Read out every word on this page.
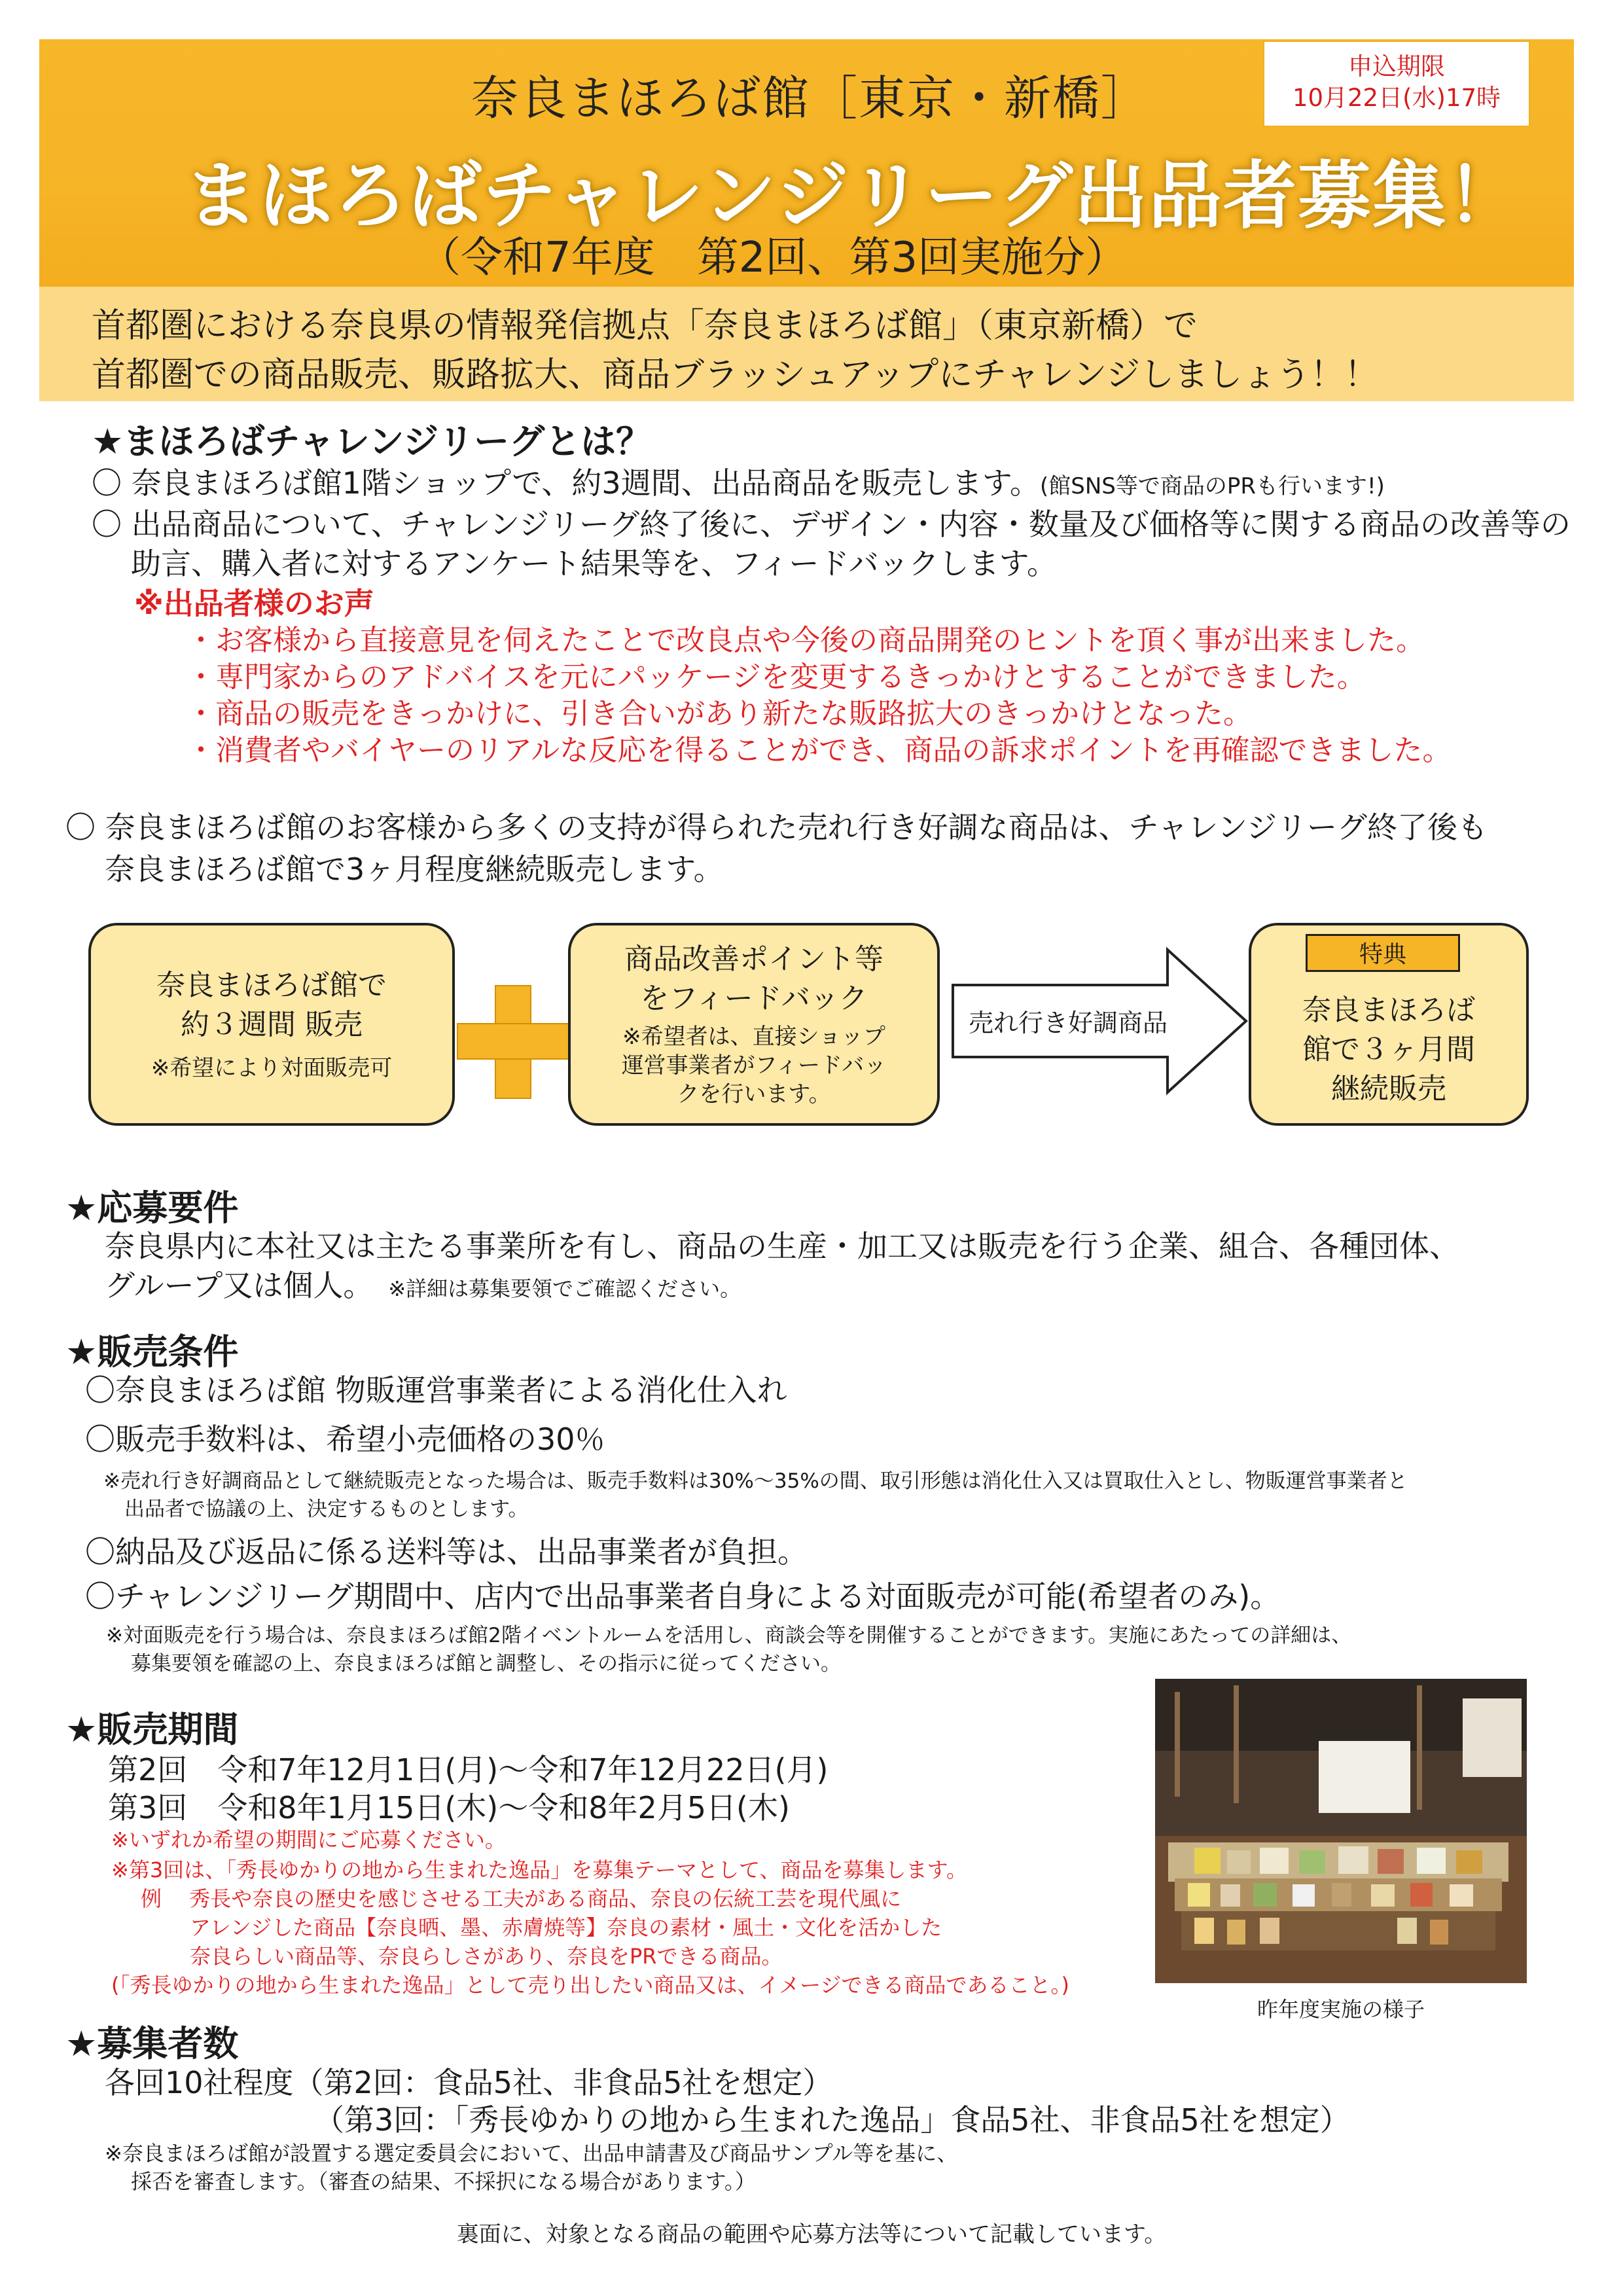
奈良まほろば館［東京・新橋］
まほろばチャレンジリーグ出品者募集！
（令和7年度　第2回、第3回実施分）
申込期限
10月22日(水)17時
首都圏における奈良県の情報発信拠点「奈良まほろば館」（東京新橋）で
首都圏での商品販売、販路拡大、商品ブラッシュアップにチャレンジしましょう！！
★まほろばチャレンジリーグとは？
〇 奈良まほろば館1階ショップで、約3週間、出品商品を販売します。(館SNS等で商品のPRも行います!)
〇 出品商品について、チャレンジリーグ終了後に、デザイン・内容・数量及び価格等に関する商品の改善等の
助言、購入者に対するアンケート結果等を、フィードバックします。
※出品者様のお声
・お客様から直接意見を伺えたことで改良点や今後の商品開発のヒントを頂く事が出来ました。
・専門家からのアドバイスを元にパッケージを変更するきっかけとすることができました。
・商品の販売をきっかけに、引き合いがあり新たな販路拡大のきっかけとなった。
・消費者やバイヤーのリアルな反応を得ることができ、商品の訴求ポイントを再確認できました。
〇 奈良まほろば館のお客様から多くの支持が得られた売れ行き好調な商品は、チャレンジリーグ終了後も
奈良まほろば館で3ヶ月程度継続販売します。
奈良まほろば館で
約３週間 販売
※希望により対面販売可
商品改善ポイント等
をフィードバック
※希望者は、直接ショップ
運営事業者がフィードバッ
クを行います。
売れ行き好調商品	奈良まほろば
館で３ヶ月間
継続販売
特典
★応募要件
奈良県内に本社又は主たる事業所を有し、商品の生産・加工又は販売を行う企業、組合、各種団体、
グループ又は個人。　 ※詳細は募集要領でご確認ください。
★販売条件
〇奈良まほろば館 物販運営事業者による消化仕入れ
〇販売手数料は、希望小売価格の30％
※売れ行き好調商品として継続販売となった場合は、販売手数料は30%～35%の間、取引形態は消化仕入又は買取仕入とし、物販運営事業者と
出品者で協議の上、決定するものとします。
〇納品及び返品に係る送料等は、出品事業者が負担。
〇チャレンジリーグ期間中、店内で出品事業者自身による対面販売が可能(希望者のみ)。
※対面販売を行う場合は、奈良まほろば館2階イベントルームを活用し、商談会等を開催することができます。実施にあたっての詳細は、
募集要領を確認の上、奈良まほろば館と調整し、その指示に従ってください。
★販売期間
第2回　令和7年12月1日(月)～令和7年12月22日(月)
第3回　令和8年1月15日(木)～令和8年2月5日(木)
※いずれか希望の期間にご応募ください。
※第3回は、「秀長ゆかりの地から生まれた逸品」を募集テーマとして、商品を募集します。
例　 秀長や奈良の歴史を感じさせる工夫がある商品、奈良の伝統工芸を現代風に
アレンジした商品【奈良晒、墨、赤膚焼等】奈良の素材・風土・文化を活かした
奈良らしい商品等、奈良らしさがあり、奈良をPRできる商品。
(「秀長ゆかりの地から生まれた逸品」として売り出したい商品又は、イメージできる商品であること。)
昨年度実施の様子
★募集者数
各回10社程度（第2回：食品5社、非食品5社を想定）
（第3回：「秀長ゆかりの地から生まれた逸品」食品5社、非食品5社を想定）
※奈良まほろば館が設置する選定委員会において、出品申請書及び商品サンプル等を基に、
採否を審査します。（審査の結果、不採択になる場合があります。）
裏面に、対象となる商品の範囲や応募方法等について記載しています。
